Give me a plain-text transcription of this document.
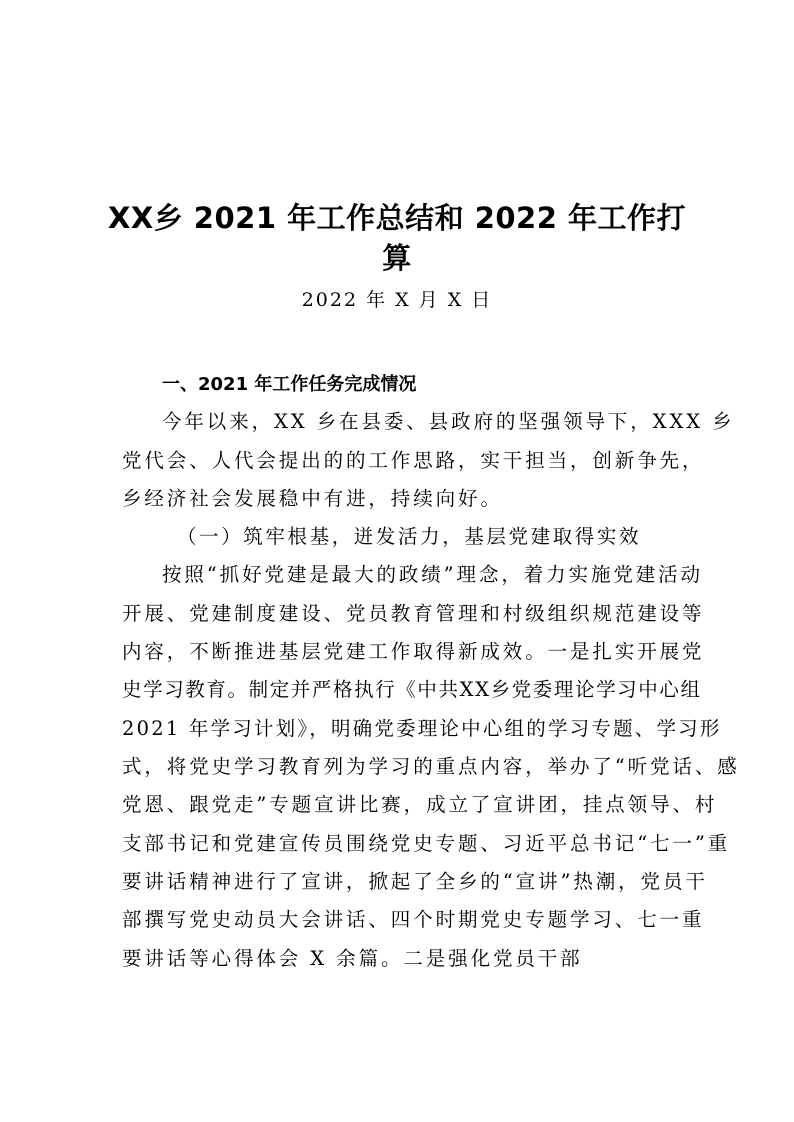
XX乡 2021 年工作总结和 2022 年工作打
算
2022 年 X 月 X 日
一、2021 年工作任务完成情况
今年以来，XX 乡在县委、县政府的坚强领导下，XXX 乡
党代会、人代会提出的的工作思路，实干担当，创新争先，
乡经济社会发展稳中有进，持续向好。
（一）筑牢根基，迸发活力，基层党建取得实效
按照“抓好党建是最大的政绩”理念，着力实施党建活动
开展、党建制度建设、党员教育管理和村级组织规范建设等
内容，不断推进基层党建工作取得新成效。一是扎实开展党
史学习教育。制定并严格执行《中共XX乡党委理论学习中心组
2021 年学习计划》，明确党委理论中心组的学习专题、学习形
式，将党史学习教育列为学习的重点内容，举办了“听党话、感
党恩、跟党走”专题宣讲比赛，成立了宣讲团，挂点领导、村
支部书记和党建宣传员围绕党史专题、习近平总书记“七一”重
要讲话精神进行了宣讲，掀起了全乡的“宣讲”热潮，党员干
部撰写党史动员大会讲话、四个时期党史专题学习、七一重
要讲话等心得体会 X 余篇。二是强化党员干部
